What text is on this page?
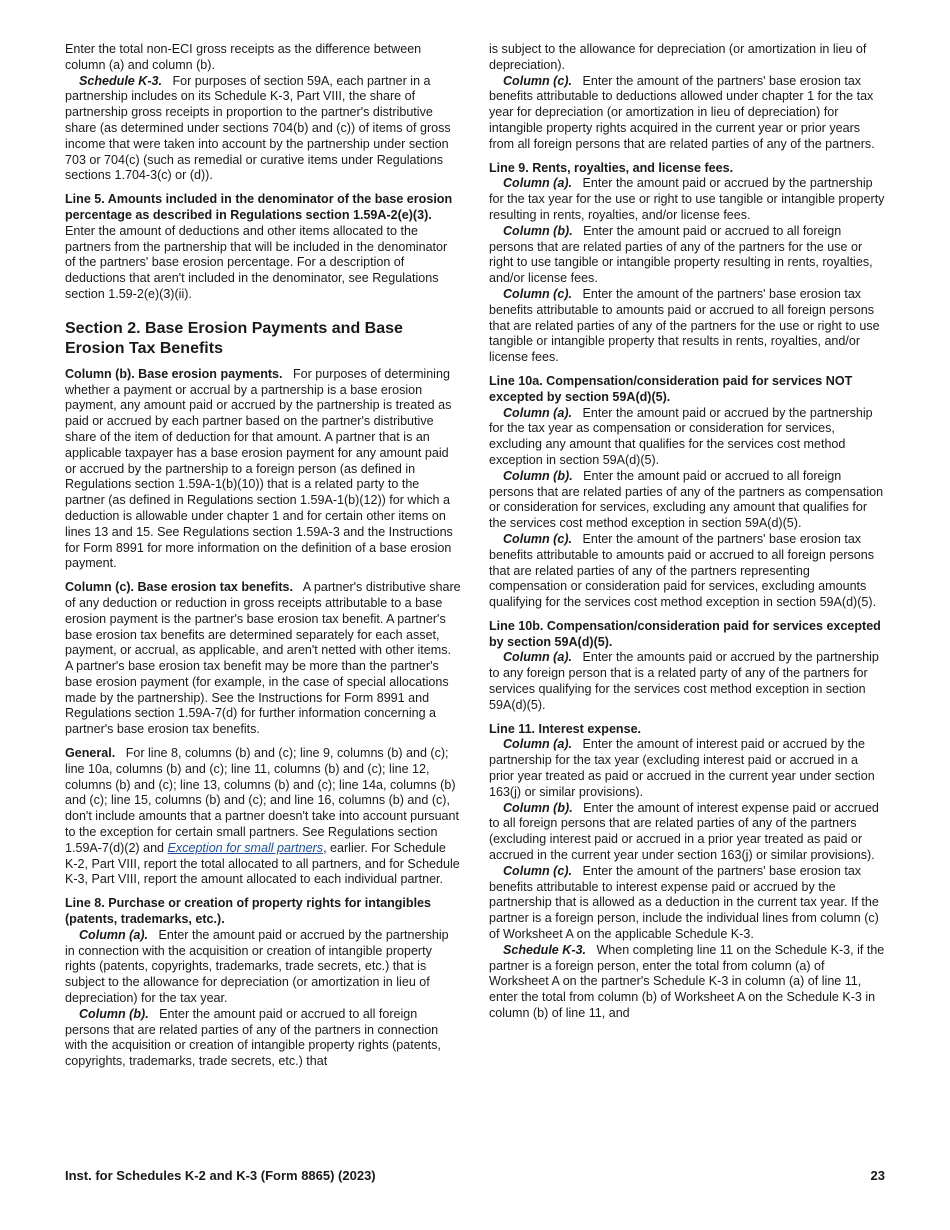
Enter the total non-ECI gross receipts as the difference between column (a) and column (b).

Schedule K-3. For purposes of section 59A, each partner in a partnership includes on its Schedule K-3, Part VIII, the share of partnership gross receipts in proportion to the partner's distributive share (as determined under sections 704(b) and (c)) of items of gross income that were taken into account by the partnership under section 703 or 704(c) (such as remedial or curative items under Regulations sections 1.704-3(c) or (d)).

Line 5. Amounts included in the denominator of the base erosion percentage as described in Regulations section 1.59A-2(e)(3).  Enter the amount of deductions and other items allocated to the partners from the partnership that will be included in the denominator of the partners' base erosion percentage. For a description of deductions that aren't included in the denominator, see Regulations section 1.59-2(e)(3)(ii).

Section 2. Base Erosion Payments and Base Erosion Tax Benefits

Column (b). Base erosion payments. For purposes of determining whether a payment or accrual by a partnership is a base erosion payment, any amount paid or accrued by the partnership is treated as paid or accrued by each partner based on the partner's distributive share of the item of deduction for that amount. A partner that is an applicable taxpayer has a base erosion payment for any amount paid or accrued by the partnership to a foreign person (as defined in Regulations section 1.59A-1(b)(10)) that is a related party to the partner (as defined in Regulations section 1.59A-1(b)(12)) for which a deduction is allowable under chapter 1 and for certain other items on lines 13 and 15. See Regulations section 1.59A-3 and the Instructions for Form 8991 for more information on the definition of a base erosion payment.

Column (c). Base erosion tax benefits. A partner's distributive share of any deduction or reduction in gross receipts attributable to a base erosion payment is the partner's base erosion tax benefit. A partner's base erosion tax benefits are determined separately for each asset, payment, or accrual, as applicable, and aren't netted with other items. A partner's base erosion tax benefit may be more than the partner's base erosion payment (for example, in the case of special allocations made by the partnership). See the Instructions for Form 8991 and Regulations section 1.59A-7(d) for further information concerning a partner's base erosion tax benefits.

General. For line 8, columns (b) and (c); line 9, columns (b) and (c); line 10a, columns (b) and (c); line 11, columns (b) and (c); line 12, columns (b) and (c); line 13, columns (b) and (c); line 14a, columns (b) and (c); line 15, columns (b) and (c); and line 16, columns (b) and (c), don't include amounts that a partner doesn't take into account pursuant to the exception for certain small partners. See Regulations section 1.59A-7(d)(2) and Exception for small partners, earlier. For Schedule K-2, Part VIII, report the total allocated to all partners, and for Schedule K-3, Part VIII, report the amount allocated to each individual partner.

Line 8. Purchase or creation of property rights for intangibles (patents, trademarks, etc.).

Column (a). Enter the amount paid or accrued by the partnership in connection with the acquisition or creation of intangible property rights (patents, copyrights, trademarks, trade secrets, etc.) that is subject to the allowance for depreciation (or amortization in lieu of depreciation) for the tax year.

Column (b). Enter the amount paid or accrued to all foreign persons that are related parties of any of the partners in connection with the acquisition or creation of intangible property rights (patents, copyrights, trademarks, trade secrets, etc.) that

is subject to the allowance for depreciation (or amortization in lieu of depreciation).

Column (c). Enter the amount of the partners' base erosion tax benefits attributable to deductions allowed under chapter 1 for the tax year for depreciation (or amortization in lieu of depreciation) for intangible property rights acquired in the current year or prior years from all foreign persons that are related parties of any of the partners.

Line 9. Rents, royalties, and license fees.

Column (a). Enter the amount paid or accrued by the partnership for the tax year for the use or right to use tangible or intangible property resulting in rents, royalties, and/or license fees.

Column (b). Enter the amount paid or accrued to all foreign persons that are related parties of any of the partners for the use or right to use tangible or intangible property resulting in rents, royalties, and/or license fees.

Column (c). Enter the amount of the partners' base erosion tax benefits attributable to amounts paid or accrued to all foreign persons that are related parties of any of the partners for the use or right to use tangible or intangible property that results in rents, royalties, and/or license fees.

Line 10a. Compensation/consideration paid for services NOT excepted by section 59A(d)(5).

Column (a). Enter the amount paid or accrued by the partnership for the tax year as compensation or consideration for services, excluding any amount that qualifies for the services cost method exception in section 59A(d)(5).

Column (b). Enter the amount paid or accrued to all foreign persons that are related parties of any of the partners as compensation or consideration for services, excluding any amount that qualifies for the services cost method exception in section 59A(d)(5).

Column (c). Enter the amount of the partners' base erosion tax benefits attributable to amounts paid or accrued to all foreign persons that are related parties of any of the partners representing compensation or consideration paid for services, excluding amounts qualifying for the services cost method exception in section 59A(d)(5).

Line 10b. Compensation/consideration paid for services excepted by section 59A(d)(5).

Column (a). Enter the amounts paid or accrued by the partnership to any foreign person that is a related party of any of the partners for services qualifying for the services cost method exception in section 59A(d)(5).

Line 11. Interest expense.

Column (a). Enter the amount of interest paid or accrued by the partnership for the tax year (excluding interest paid or accrued in a prior year treated as paid or accrued in the current year under section 163(j) or similar provisions).

Column (b). Enter the amount of interest expense paid or accrued to all foreign persons that are related parties of any of the partners (excluding interest paid or accrued in a prior year treated as paid or accrued in the current year under section 163(j) or similar provisions).

Column (c). Enter the amount of the partners' base erosion tax benefits attributable to interest expense paid or accrued by the partnership that is allowed as a deduction in the current tax year. If the partner is a foreign person, include the individual lines from column (c) of Worksheet A on the applicable Schedule K-3.

Schedule K-3. When completing line 11 on the Schedule K-3, if the partner is a foreign person, enter the total from column (a) of Worksheet A on the partner's Schedule K-3 in column (a) of line 11, enter the total from column (b) of Worksheet A on the Schedule K-3 in column (b) of line 11, and

Inst. for Schedules K-2 and K-3 (Form 8865) (2023)	23
